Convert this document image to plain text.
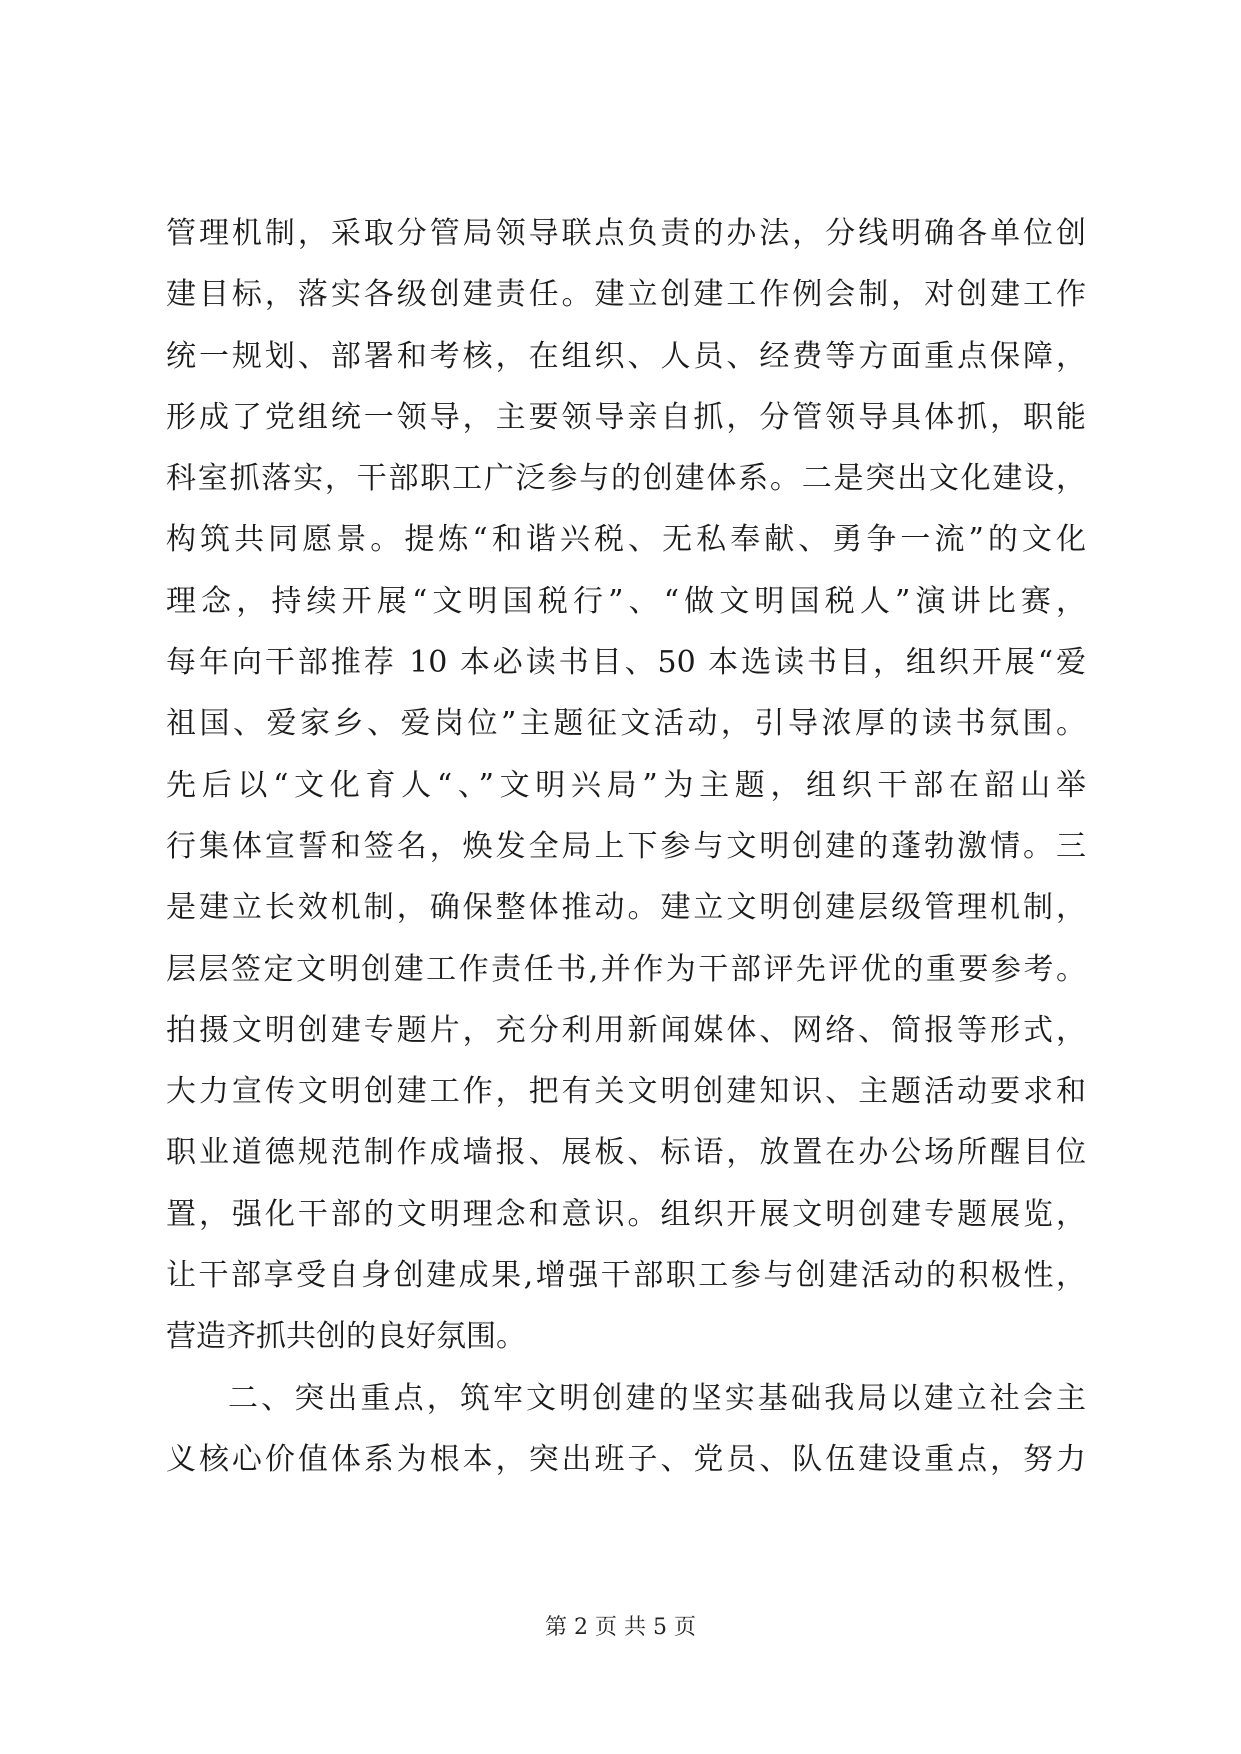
管理机制，采取分管局领导联点负责的办法，分线明确各单位创
建目标，落实各级创建责任。建立创建工作例会制，对创建工作
统一规划、部署和考核，在组织、人员、经费等方面重点保障，
形成了党组统一领导，主要领导亲自抓，分管领导具体抓，职能
科室抓落实，干部职工广泛参与的创建体系。二是突出文化建设，
构筑共同愿景。提炼“和谐兴税、无私奉献、勇争一流”的文化
理念，持续开展“文明国税行”、“做文明国税人”演讲比赛，
每年向干部推荐 10 本必读书目、50 本选读书目，组织开展“爱
祖国、爱家乡、爱岗位”主题征文活动，引导浓厚的读书氛围。
先后以“文化育人“、”文明兴局”为主题，组织干部在韶山举
行集体宣誓和签名，焕发全局上下参与文明创建的蓬勃激情。三
是建立长效机制，确保整体推动。建立文明创建层级管理机制，
层层签定文明创建工作责任书,并作为干部评先评优的重要参考。
拍摄文明创建专题片，充分利用新闻媒体、网络、简报等形式，
大力宣传文明创建工作，把有关文明创建知识、主题活动要求和
职业道德规范制作成墙报、展板、标语，放置在办公场所醒目位
置，强化干部的文明理念和意识。组织开展文明创建专题展览，
让干部享受自身创建成果,增强干部职工参与创建活动的积极性，
营造齐抓共创的良好氛围。
二、突出重点，筑牢文明创建的坚实基础我局以建立社会主
义核心价值体系为根本，突出班子、党员、队伍建设重点，努力
第 2 页 共 5 页
